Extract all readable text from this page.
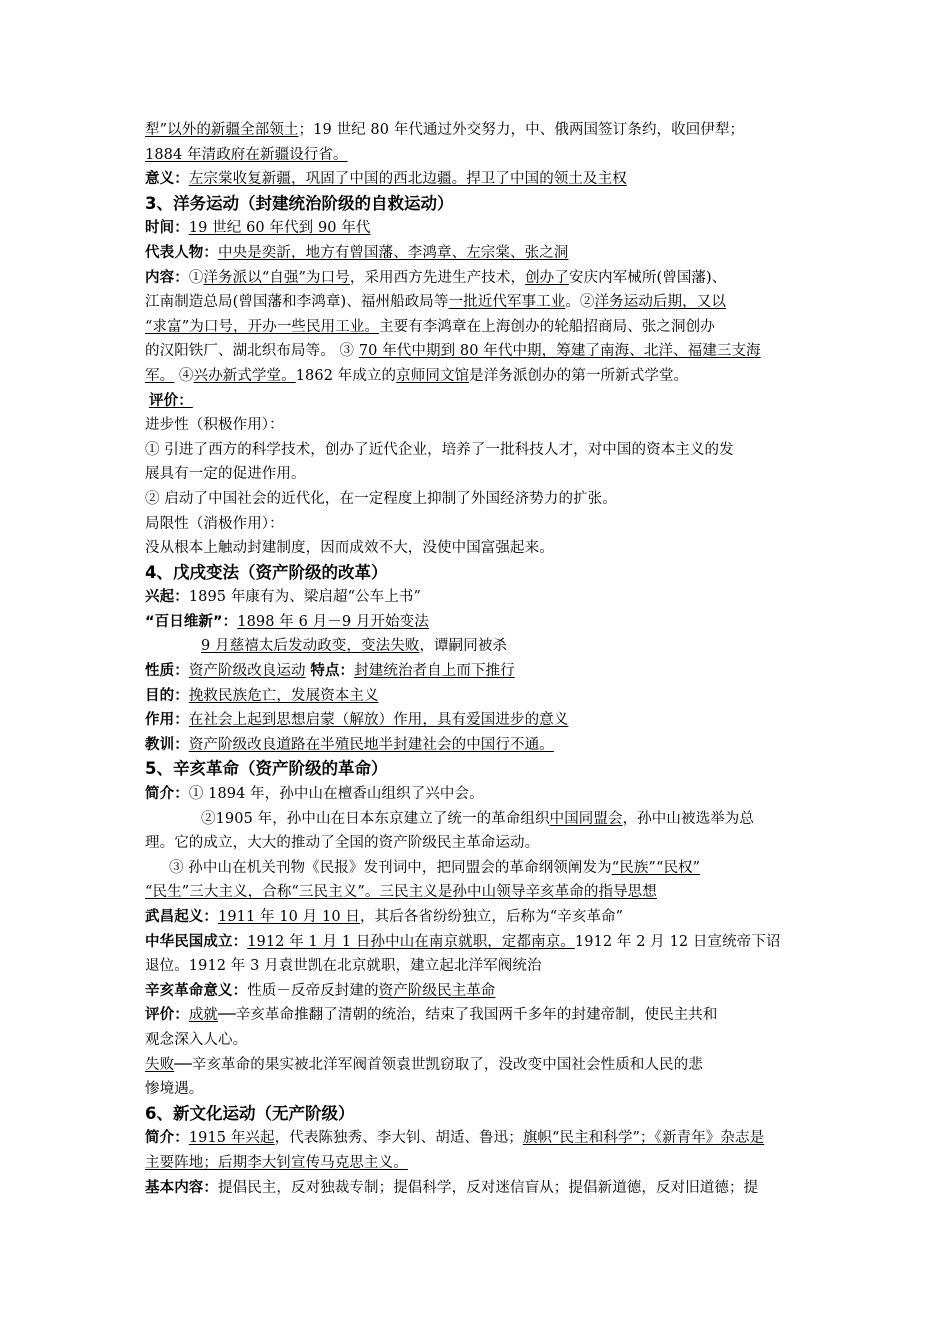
犁”以外的新疆全部领土；19 世纪 80 年代通过外交努力，中、俄两国签订条约，收回伊犁；
1884 年清政府在新疆设行省。
意义：左宗棠收复新疆，巩固了中国的西北边疆。捍卫了中国的领土及主权
3、洋务运动（封建统治阶级的自救运动）
时间：19 世纪 60 年代到 90 年代
代表人物：中央是奕訢，地方有曾国藩、李鸿章、左宗棠、张之洞
内容：①洋务派以“自强”为口号，采用西方先进生产技术，创办了安庆内军械所(曾国藩)、
江南制造总局(曾国藩和李鸿章)、福州船政局等一批近代军事工业。②洋务运动后期，又以
“求富”为口号，开办一些民用工业。主要有李鸿章在上海创办的轮船招商局、张之洞创办
的汉阳铁厂、湖北织布局等。 ③ 70 年代中期到 80 年代中期，筹建了南海、北洋、福建三支海
军。 ④兴办新式学堂。1862 年成立的京师同文馆是洋务派创办的第一所新式学堂。
评价：
进步性（积极作用）：
① 引进了西方的科学技术，创办了近代企业，培养了一批科技人才，对中国的资本主义的发
展具有一定的促进作用。
② 启动了中国社会的近代化，在一定程度上抑制了外国经济势力的扩张。
局限性（消极作用）：
没从根本上触动封建制度，因而成效不大，没使中国富强起来。
4、戊戌变法（资产阶级的改革）
兴起：1895 年康有为、梁启超“公车上书”
“百日维新”：1898 年 6 月－9 月开始变法
9 月慈禧太后发动政变，变法失败，谭嗣同被杀
性质：资产阶级改良运动 特点：封建统治者自上而下推行
目的：挽救民族危亡，发展资本主义
作用：在社会上起到思想启蒙（解放）作用，具有爱国进步的意义
教训：资产阶级改良道路在半殖民地半封建社会的中国行不通。
5、辛亥革命（资产阶级的革命）
简介：① 1894 年，孙中山在檀香山组织了兴中会。
②1905 年，孙中山在日本东京建立了统一的革命组织中国同盟会，孙中山被选举为总
理。它的成立，大大的推动了全国的资产阶级民主革命运动。
③ 孙中山在机关刊物《民报》发刊词中，把同盟会的革命纲领阐发为“民族”“民权”
“民生”三大主义，合称“三民主义”。三民主义是孙中山领导辛亥革命的指导思想
武昌起义：1911 年 10 月 10 日，其后各省纷纷独立，后称为“辛亥革命”
中华民国成立：1912 年 1 月 1 日孙中山在南京就职，定都南京。1912 年 2 月 12 日宣统帝下诏
退位。1912 年 3 月袁世凯在北京就职，建立起北洋军阀统治
辛亥革命意义：性质－反帝反封建的资产阶级民主革命
评价：成就──辛亥革命推翻了清朝的统治，结束了我国两千多年的封建帝制，使民主共和
观念深入人心。
失败──辛亥革命的果实被北洋军阀首领袁世凯窃取了，没改变中国社会性质和人民的悲
惨境遇。
6、新文化运动（无产阶级）
简介：1915 年兴起，代表陈独秀、李大钊、胡适、鲁迅；旗帜“民主和科学”；《新青年》杂志是
主要阵地；后期李大钊宣传马克思主义。
基本内容：提倡民主，反对独裁专制；提倡科学，反对迷信盲从；提倡新道德，反对旧道德；提
